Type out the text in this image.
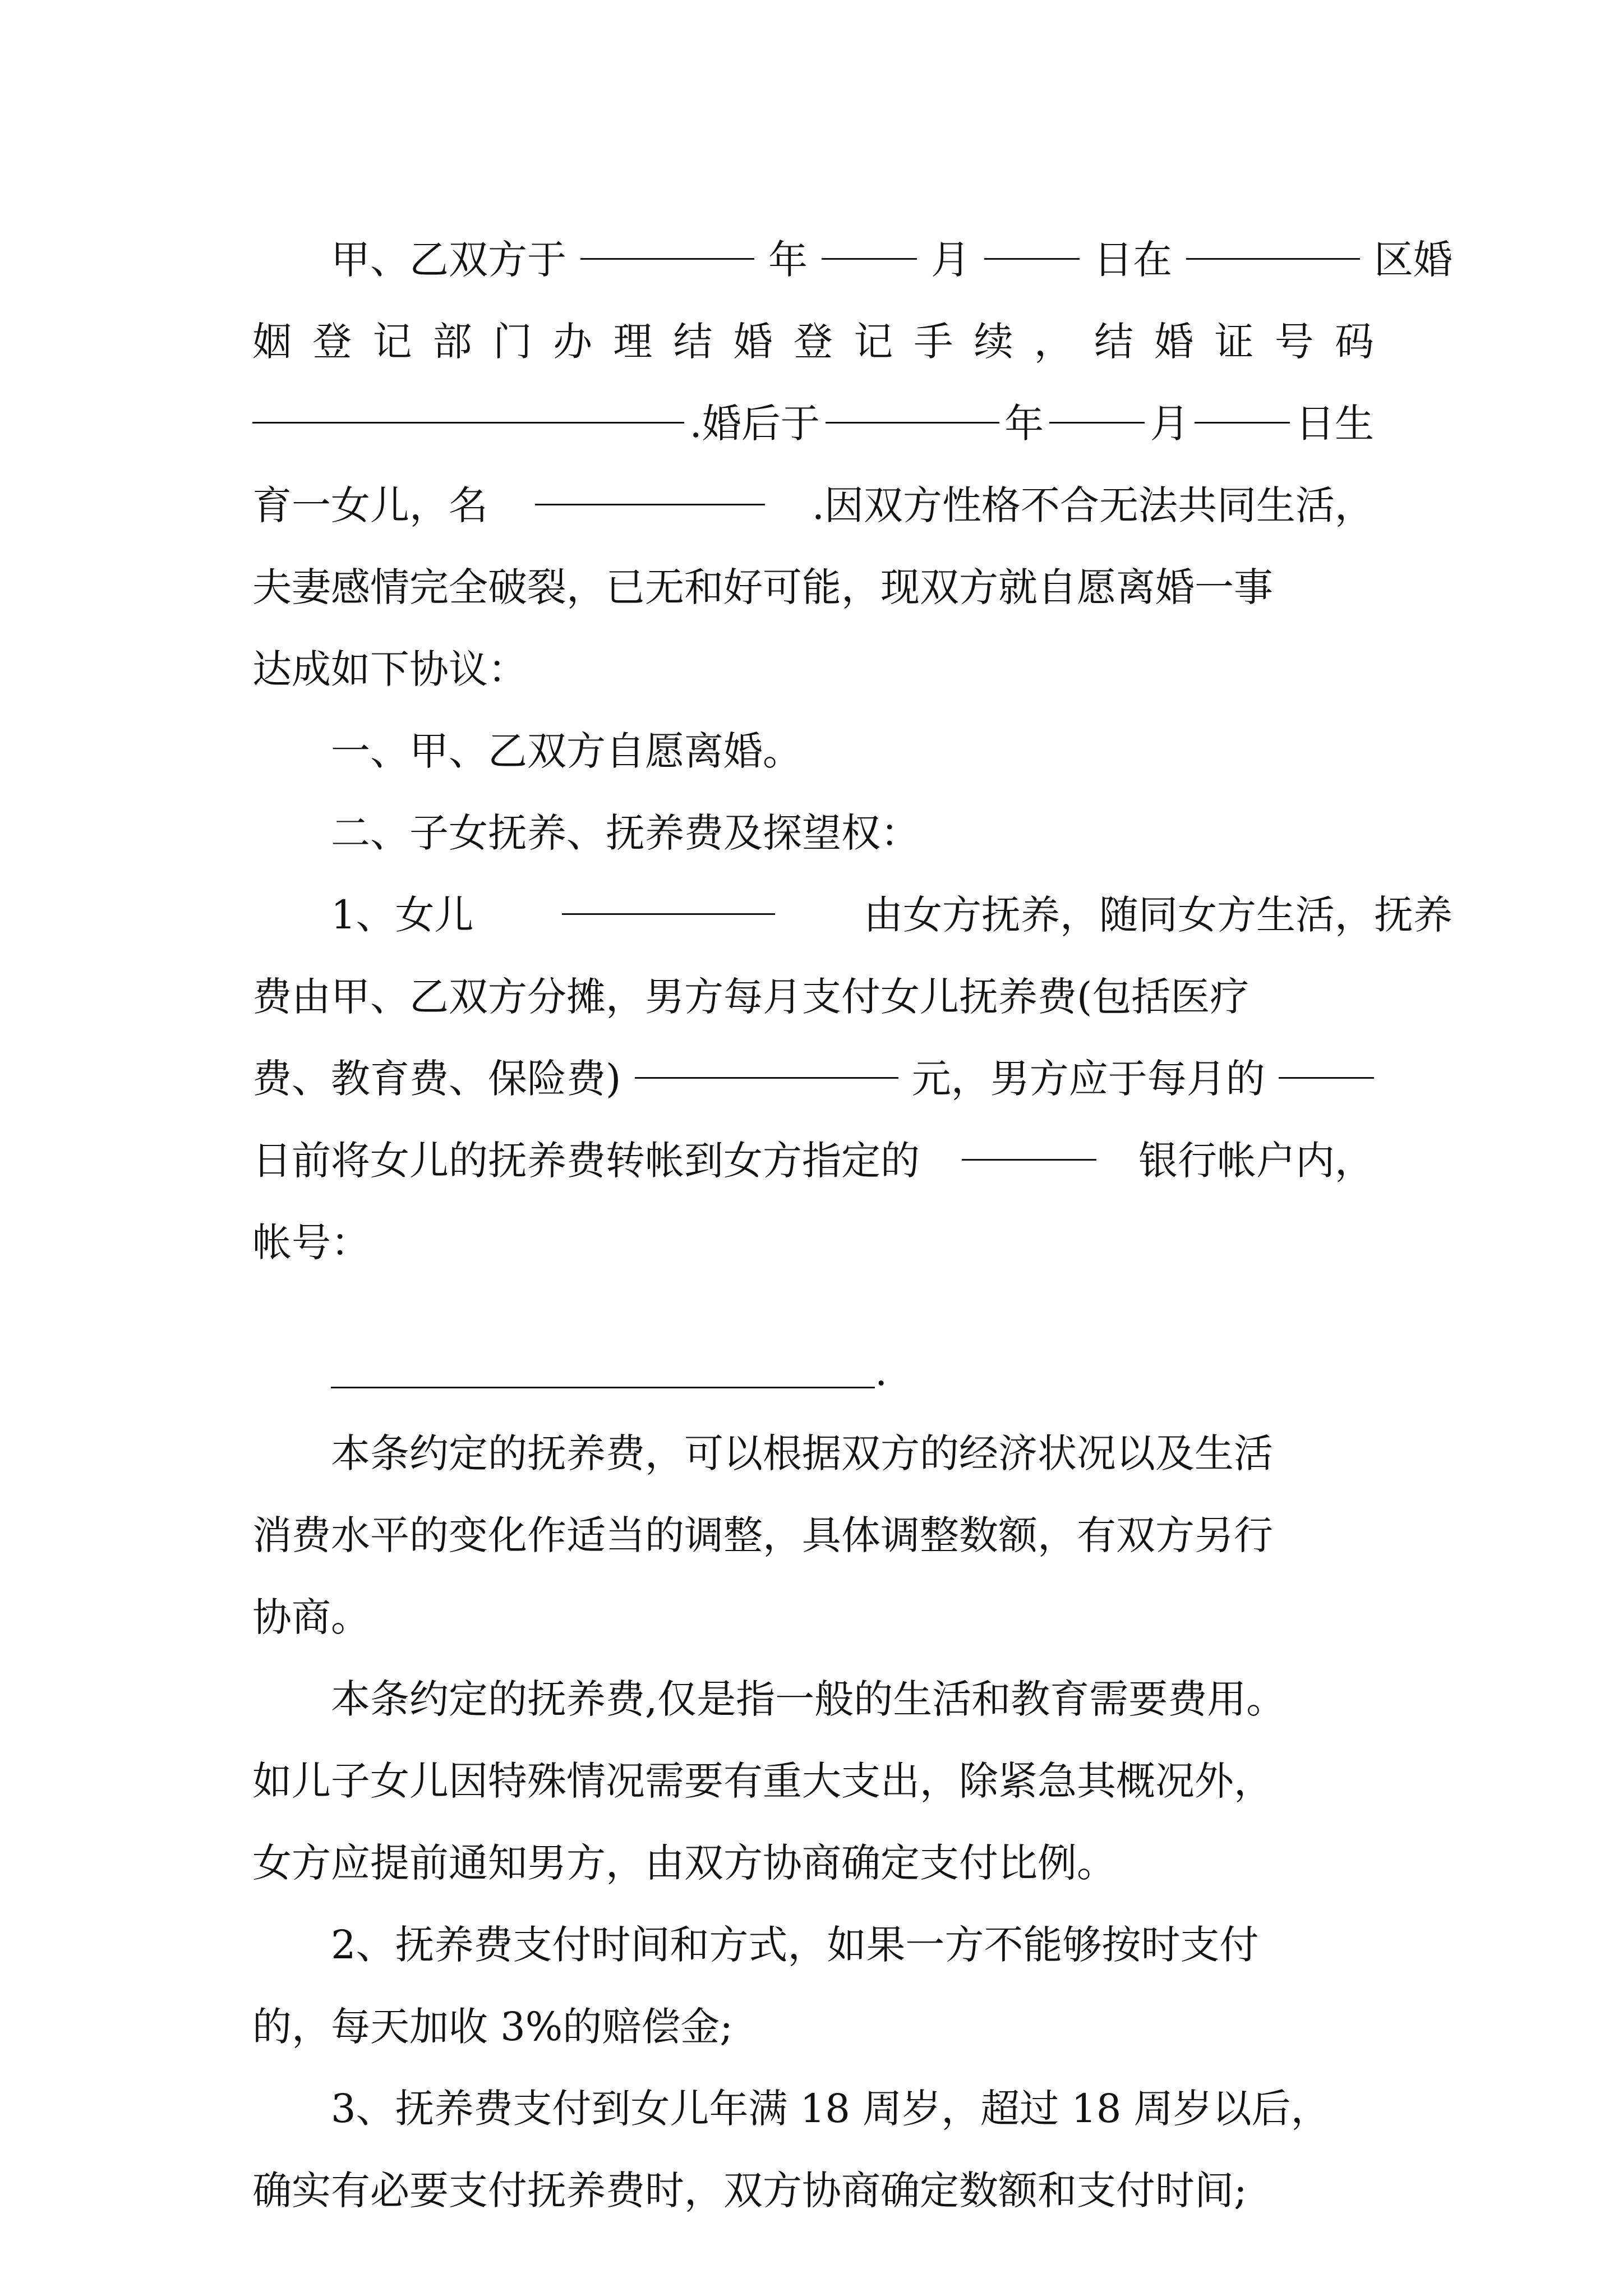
甲、乙双方于	年	月	日在	区婚
姻 登 记 部 门 办 理 结 婚 登 记 手 续 ， 结 婚 证 号 码
.婚后于	年	月	日生
育一女儿，名	.因双方性格不合无法共同生活，
夫妻感情完全破裂，已无和好可能，现双方就自愿离婚一事
达成如下协议：
一、甲、乙双方自愿离婚。
二、子女抚养、抚养费及探望权：
1、女儿	由女方抚养，随同女方生活，抚养
费由甲、乙双方分摊，男方每月支付女儿抚养费(包括医疗
费、教育费、保险费)	元，男方应于每月的
日前将女儿的抚养费转帐到女方指定的	银行帐户内，
帐号：
.
本条约定的抚养费，可以根据双方的经济状况以及生活
消费水平的变化作适当的调整，具体调整数额，有双方另行
协商。
本条约定的抚养费,仅是指一般的生活和教育需要费用。
如儿子女儿因特殊情况需要有重大支出，除紧急其概况外，
女方应提前通知男方，由双方协商确定支付比例。
2、抚养费支付时间和方式，如果一方不能够按时支付
的，每天加收 3%的赔偿金;
3、抚养费支付到女儿年满 18 周岁，超过 18 周岁以后，
确实有必要支付抚养费时，双方协商确定数额和支付时间;
